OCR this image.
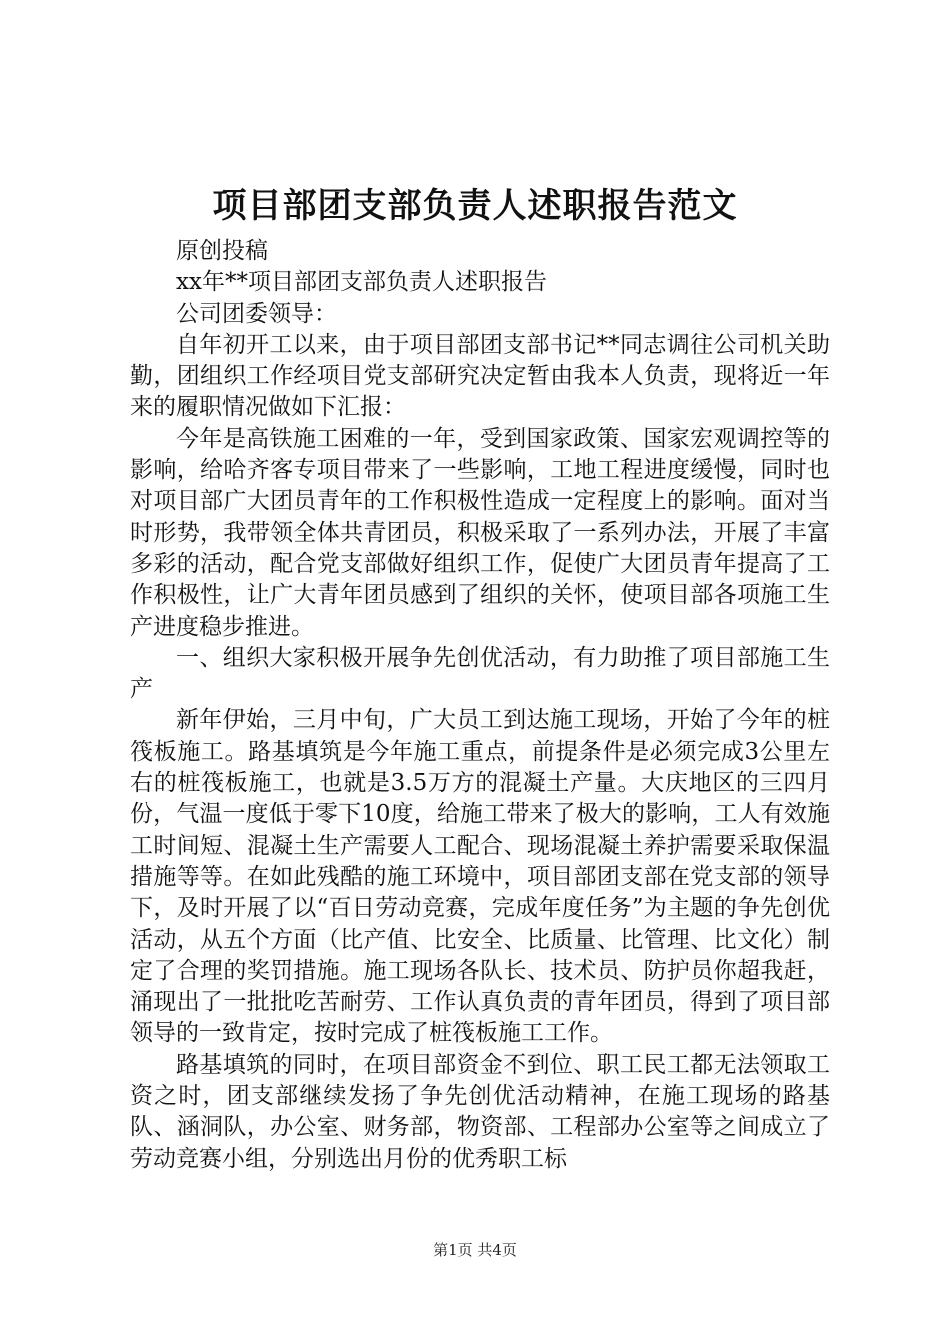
项目部团支部负责人述职报告范文

原创投稿

xx年**项目部团支部负责人述职报告

公司团委领导：

自年初开工以来，由于项目部团支部书记**同志调往公司机关助勤，团组织工作经项目党支部研究决定暂由我本人负责，现将近一年来的履职情况做如下汇报：

今年是高铁施工困难的一年，受到国家政策、国家宏观调控等的影响，给哈齐客专项目带来了一些影响，工地工程进度缓慢，同时也对项目部广大团员青年的工作积极性造成一定程度上的影响。面对当时形势，我带领全体共青团员，积极采取了一系列办法，开展了丰富多彩的活动，配合党支部做好组织工作，促使广大团员青年提高了工作积极性，让广大青年团员感到了组织的关怀，使项目部各项施工生产进度稳步推进。

一、组织大家积极开展争先创优活动，有力助推了项目部施工生产

新年伊始，三月中旬，广大员工到达施工现场，开始了今年的桩筏板施工。路基填筑是今年施工重点，前提条件是必须完成3公里左右的桩筏板施工，也就是3.5万方的混凝土产量。大庆地区的三四月份，气温一度低于零下10度，给施工带来了极大的影响，工人有效施工时间短、混凝土生产需要人工配合、现场混凝土养护需要采取保温措施等等。在如此残酷的施工环境中，项目部团支部在党支部的领导下，及时开展了以“百日劳动竞赛，完成年度任务”为主题的争先创优活动，从五个方面（比产值、比安全、比质量、比管理、比文化）制定了合理的奖罚措施。施工现场各队长、技术员、防护员你超我赶，涌现出了一批批吃苦耐劳、工作认真负责的青年团员，得到了项目部领导的一致肯定，按时完成了桩筏板施工工作。

路基填筑的同时，在项目部资金不到位、职工民工都无法领取工资之时，团支部继续发扬了争先创优活动精神，在施工现场的路基队、涵洞队，办公室、财务部，物资部、工程部办公室等之间成立了劳动竞赛小组，分别选出月份的优秀职工标

第1页 共4页
